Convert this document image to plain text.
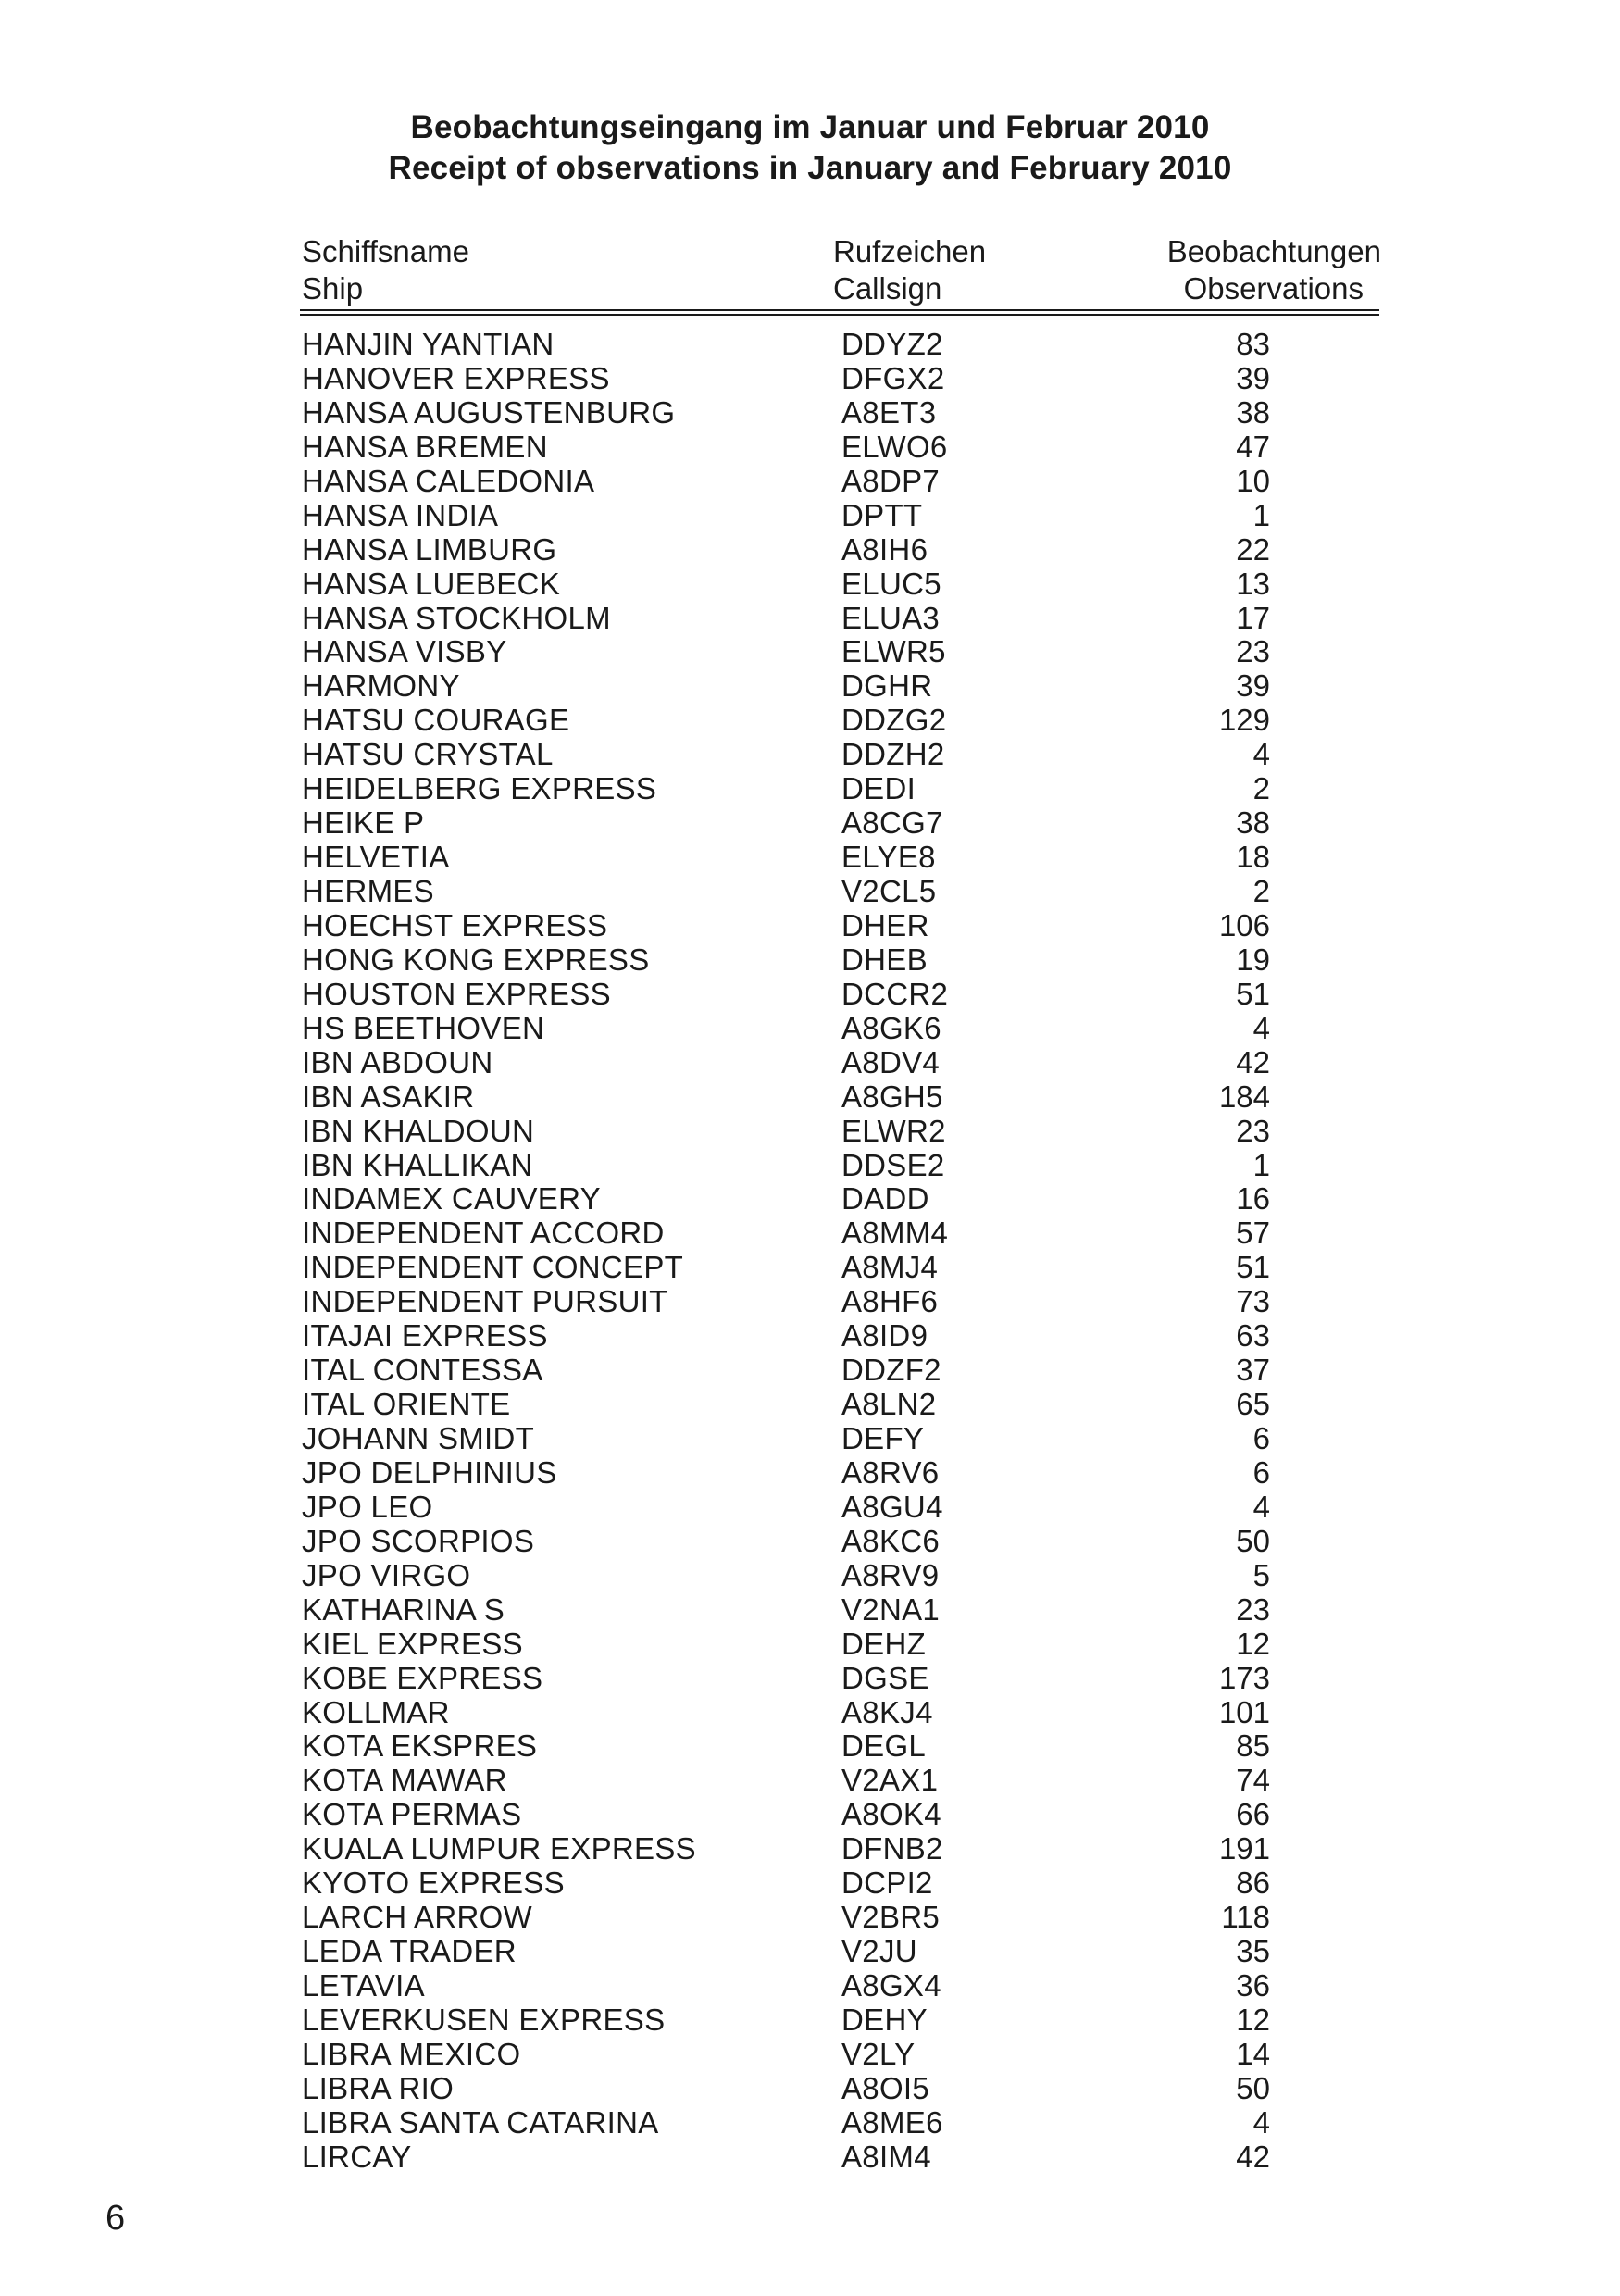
Beobachtungseingang im Januar und Februar 2010
Receipt of observations in January and February 2010
Schiffsname	Rufzeichen	Beobachtungen
Ship	Callsign	Observations
HANJIN YANTIAN	DDYZ2	83
HANOVER EXPRESS	DFGX2	39
HANSA AUGUSTENBURG	A8ET3	38
HANSA BREMEN	ELWO6	47
HANSA CALEDONIA	A8DP7	10
HANSA INDIA	DPTT	1
HANSA LIMBURG	A8IH6	22
HANSA LUEBECK	ELUC5	13
HANSA STOCKHOLM	ELUA3	17
HANSA VISBY	ELWR5	23
HARMONY	DGHR	39
HATSU COURAGE	DDZG2	129
HATSU CRYSTAL	DDZH2	4
HEIDELBERG EXPRESS	DEDI	2
HEIKE P	A8CG7	38
HELVETIA	ELYE8	18
HERMES	V2CL5	2
HOECHST EXPRESS	DHER	106
HONG KONG EXPRESS	DHEB	19
HOUSTON EXPRESS	DCCR2	51
HS BEETHOVEN	A8GK6	4
IBN ABDOUN	A8DV4	42
IBN ASAKIR	A8GH5	184
IBN KHALDOUN	ELWR2	23
IBN KHALLIKAN	DDSE2	1
INDAMEX CAUVERY	DADD	16
INDEPENDENT ACCORD	A8MM4	57
INDEPENDENT CONCEPT	A8MJ4	51
INDEPENDENT PURSUIT	A8HF6	73
ITAJAI EXPRESS	A8ID9	63
ITAL CONTESSA	DDZF2	37
ITAL ORIENTE	A8LN2	65
JOHANN SMIDT	DEFY	6
JPO DELPHINIUS	A8RV6	6
JPO LEO	A8GU4	4
JPO SCORPIOS	A8KC6	50
JPO VIRGO	A8RV9	5
KATHARINA S	V2NA1	23
KIEL EXPRESS	DEHZ	12
KOBE EXPRESS	DGSE	173
KOLLMAR	A8KJ4	101
KOTA EKSPRES	DEGL	85
KOTA MAWAR	V2AX1	74
KOTA PERMAS	A8OK4	66
KUALA LUMPUR EXPRESS	DFNB2	191
KYOTO EXPRESS	DCPI2	86
LARCH ARROW	V2BR5	118
LEDA TRADER	V2JU	35
LETAVIA	A8GX4	36
LEVERKUSEN EXPRESS	DEHY	12
LIBRA MEXICO	V2LY	14
LIBRA RIO	A8OI5	50
LIBRA SANTA CATARINA	A8ME6	4
LIRCAY	A8IM4	42
6
